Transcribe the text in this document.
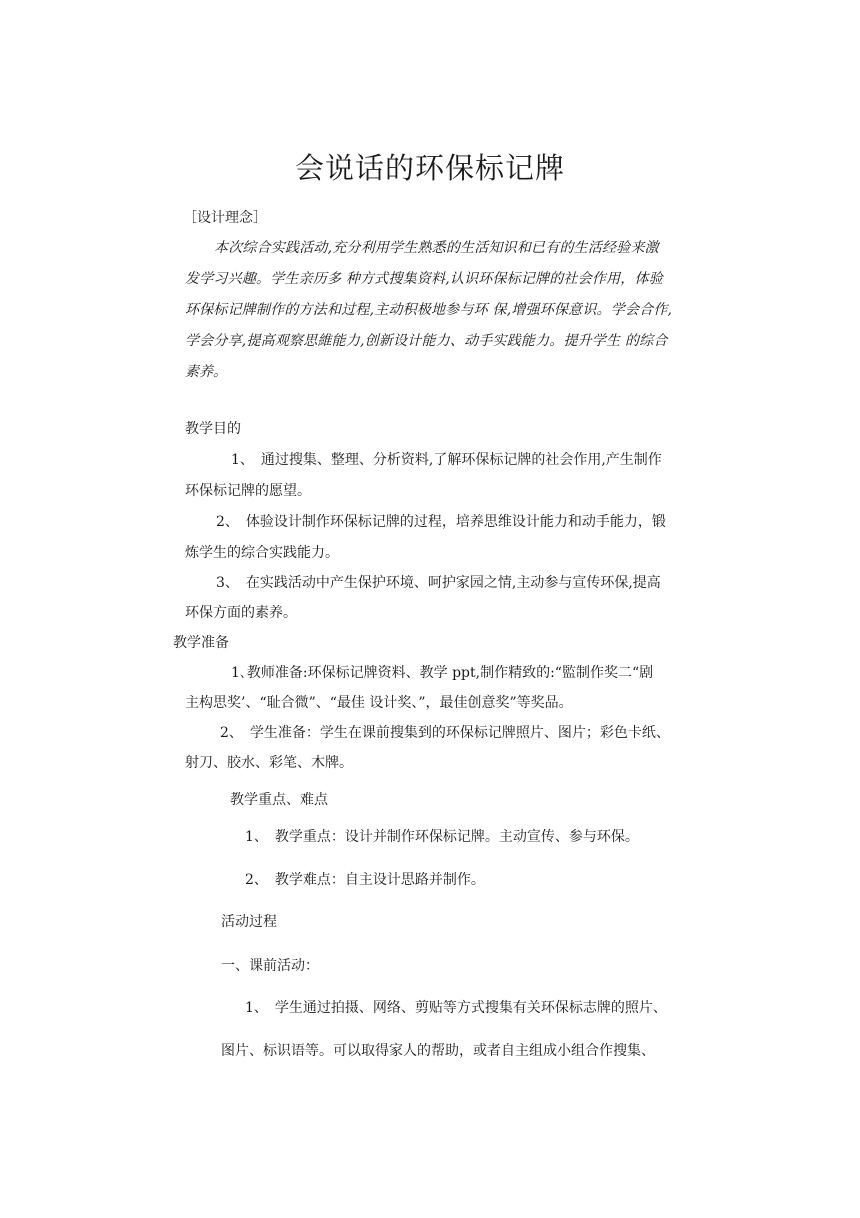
会说话的环保标记牌
［设计理念］
本次综合实践活动,充分利用学生熟悉的生活知识和已有的生活经验来激
发学习兴趣。学生亲历多 种方式搜集资料,认识环保标记牌的社会作用，体验
环保标记牌制作的方法和过程,主动积极地参与环 保,增强环保意识。学会合作,
学会分享,提高观察思維能力,创新设计能力、动手实践能力。提升学生 的综合
素养。
教学目的
1、　通过搜集、整理、分析资料,了解环保标记牌的社会作用,产生制作
环保标记牌的愿望。
2、　体验设计制作环保标记牌的过程，培养思维设计能力和动手能力，锻
炼学生的综合实践能力。
3、　在实践活动中产生保护环境、呵护家园之情,主动参与宣传环保,提高
环保方面的素养。
教学准备
1､教师准备:环保标记牌资料、教学 ppt,制作精致的:“監制作奖二“剧
主构思奖’、“耻合微”、“最佳 设计奖、”，最佳创意奖”等奖品。
2、　学生准备：学生在课前搜集到的环保标记牌照片、图片；彩色卡纸、
射刀、胶水、彩笔、木牌。
教学重点、难点
1、　教学重点：设计并制作环保标记牌。主动宣传、参与环保。
2、　教学难点：自主设计思路并制作。
活动过程
一、课前活动：
1、　学生通过拍摄、网络、剪贴等方式搜集有关环保标志牌的照片、
图片、标识语等。可以取得家人的帮助，或者自主组成小组合作搜集、
